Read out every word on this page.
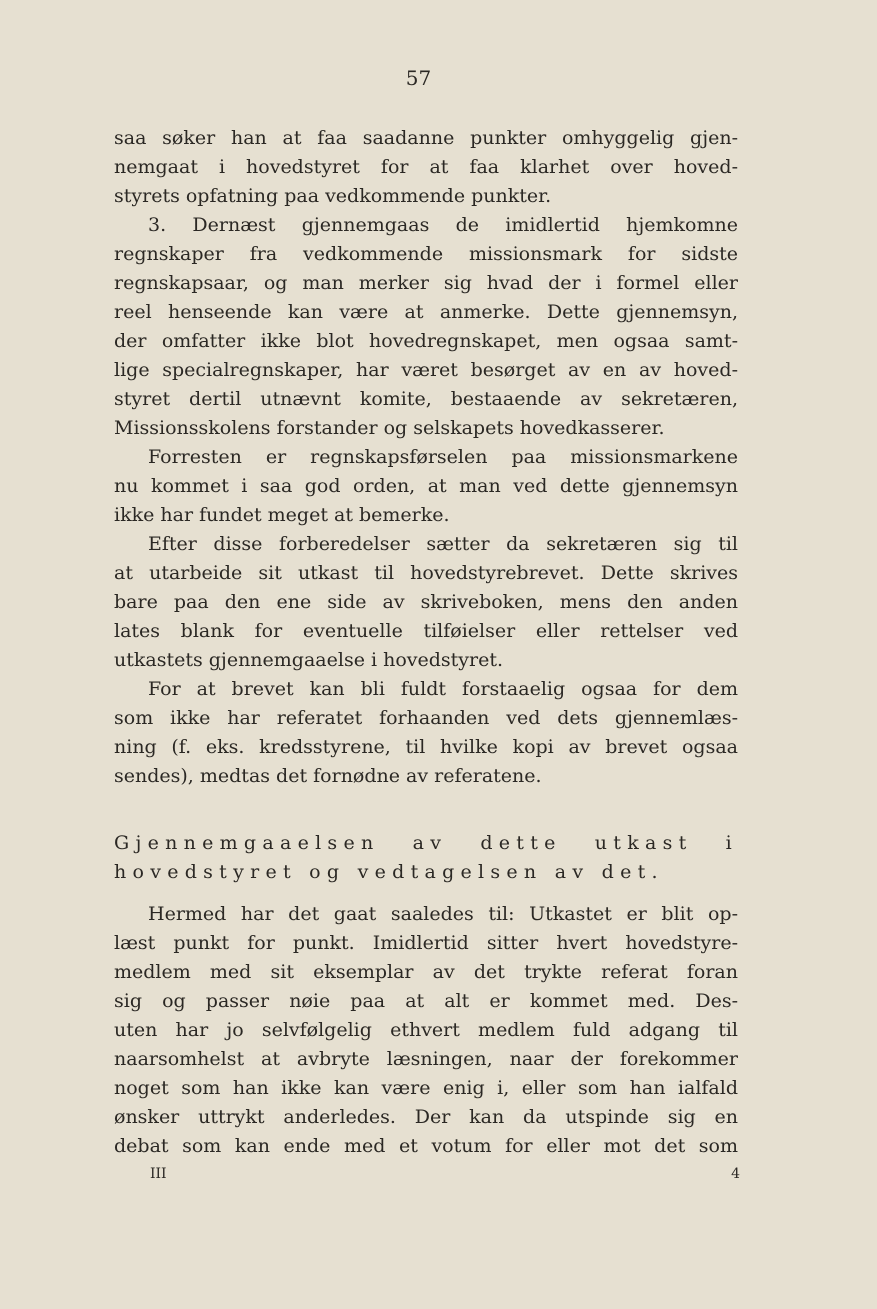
57
saa søker han at faa saadanne punkter omhyggelig gjen-
nemgaat i hovedstyret for at faa klarhet over hoved-
styrets opfatning paa vedkommende punkter.
3. Dernæst gjennemgaas de imidlertid hjemkomne
regnskaper fra vedkommende missionsmark for sidste
regnskapsaar, og man merker sig hvad der i formel eller
reel henseende kan være at anmerke. Dette gjennemsyn,
der omfatter ikke blot hovedregnskapet, men ogsaa samt-
lige specialregnskaper, har været besørget av en av hoved-
styret dertil utnævnt komite, bestaaende av sekretæren,
Missionsskolens forstander og selskapets hovedkasserer.
Forresten er regnskapsførselen paa missionsmarkene
nu kommet i saa god orden, at man ved dette gjennemsyn
ikke har fundet meget at bemerke.
Efter disse forberedelser sætter da sekretæren sig til
at utarbeide sit utkast til hovedstyrebrevet. Dette skrives
bare paa den ene side av skriveboken, mens den anden
lates blank for eventuelle tilføielser eller rettelser ved
utkastets gjennemgaaelse i hovedstyret.
For at brevet kan bli fuldt forstaaelig ogsaa for dem
som ikke har referatet forhaanden ved dets gjennemlæs-
ning (f. eks. kredsstyrene, til hvilke kopi av brevet ogsaa
sendes), medtas det fornødne av referatene.
Gjennemgaaelsen av dette utkast i
hovedstyret og vedtagelsen av det.
Hermed har det gaat saaledes til: Utkastet er blit op-
læst punkt for punkt. Imidlertid sitter hvert hovedstyre-
medlem med sit eksemplar av det trykte referat foran
sig og passer nøie paa at alt er kommet med. Des-
uten har jo selvfølgelig ethvert medlem fuld adgang til
naarsomhelst at avbryte læsningen, naar der forekommer
noget som han ikke kan være enig i, eller som han ialfald
ønsker uttrykt anderledes. Der kan da utspinde sig en
debat som kan ende med et votum for eller mot det som
III	4
